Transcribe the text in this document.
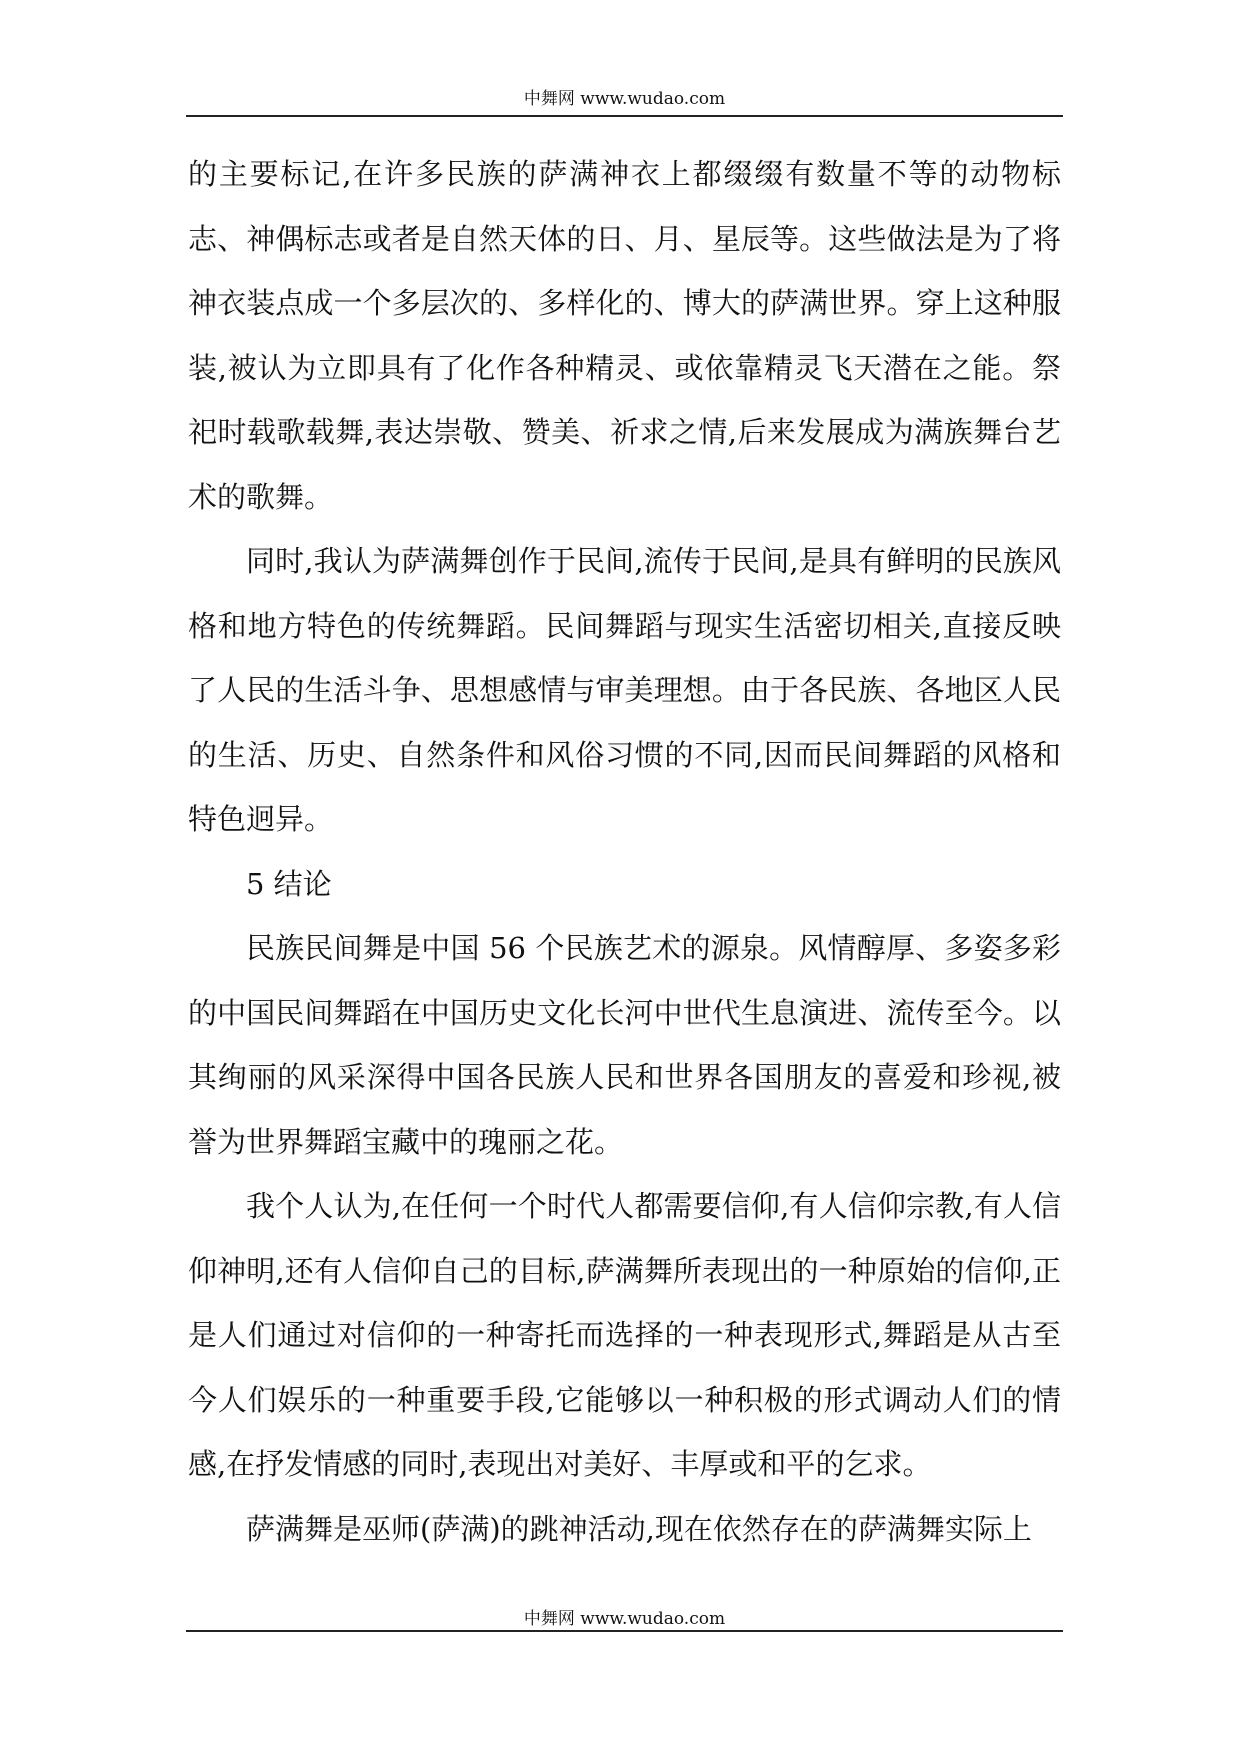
中舞网 www.wudao.com

的主要标记,在许多民族的萨满神衣上都缀缀有数量不等的动物标志、神偶标志或者是自然天体的日、月、星辰等。这些做法是为了将神衣装点成一个多层次的、多样化的、博大的萨满世界。穿上这种服装,被认为立即具有了化作各种精灵、或依靠精灵飞天潜在之能。祭祀时载歌载舞,表达崇敬、赞美、祈求之情,后来发展成为满族舞台艺术的歌舞。

同时,我认为萨满舞创作于民间,流传于民间,是具有鲜明的民族风格和地方特色的传统舞蹈。民间舞蹈与现实生活密切相关,直接反映了人民的生活斗争、思想感情与审美理想。由于各民族、各地区人民的生活、历史、自然条件和风俗习惯的不同,因而民间舞蹈的风格和特色迥异。

5 结论

民族民间舞是中国 56 个民族艺术的源泉。风情醇厚、多姿多彩的中国民间舞蹈在中国历史文化长河中世代生息演进、流传至今。以其绚丽的风采深得中国各民族人民和世界各国朋友的喜爱和珍视,被誉为世界舞蹈宝藏中的瑰丽之花。

我个人认为,在任何一个时代人都需要信仰,有人信仰宗教,有人信仰神明,还有人信仰自己的目标,萨满舞所表现出的一种原始的信仰,正是人们通过对信仰的一种寄托而选择的一种表现形式,舞蹈是从古至今人们娱乐的一种重要手段,它能够以一种积极的形式调动人们的情感,在抒发情感的同时,表现出对美好、丰厚或和平的乞求。

萨满舞是巫师(萨满)的跳神活动,现在依然存在的萨满舞实际上

中舞网 www.wudao.com
